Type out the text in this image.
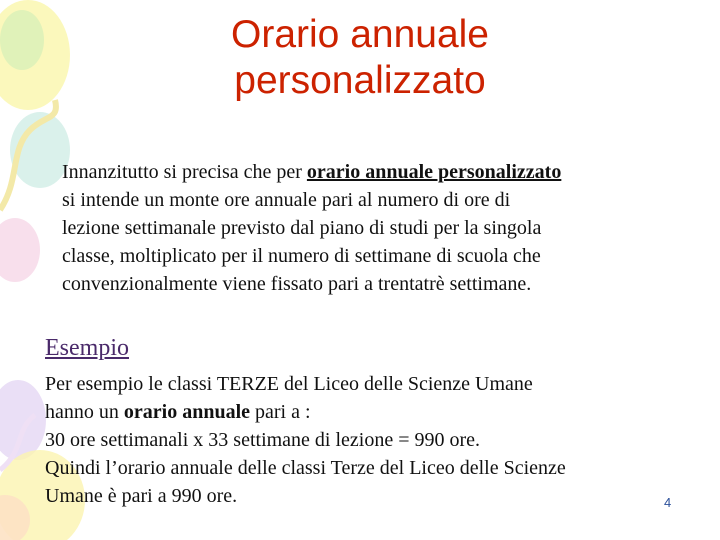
Orario annuale
personalizzato
Innanzitutto si precisa che per orario annuale personalizzato
si intende un monte ore annuale pari al numero di ore di
lezione settimanale previsto dal piano di studi per la singola
classe, moltiplicato per il numero di settimane di scuola che
convenzionalmente viene fissato pari a trentatrè settimane.
Esempio
Per esempio le classi TERZE del Liceo delle Scienze Umane
hanno un orario annuale pari a :
30 ore settimanali x 33 settimane di lezione = 990 ore.
Quindi l’orario annuale delle classi Terze del Liceo delle Scienze
Umane è pari a 990 ore.	4
